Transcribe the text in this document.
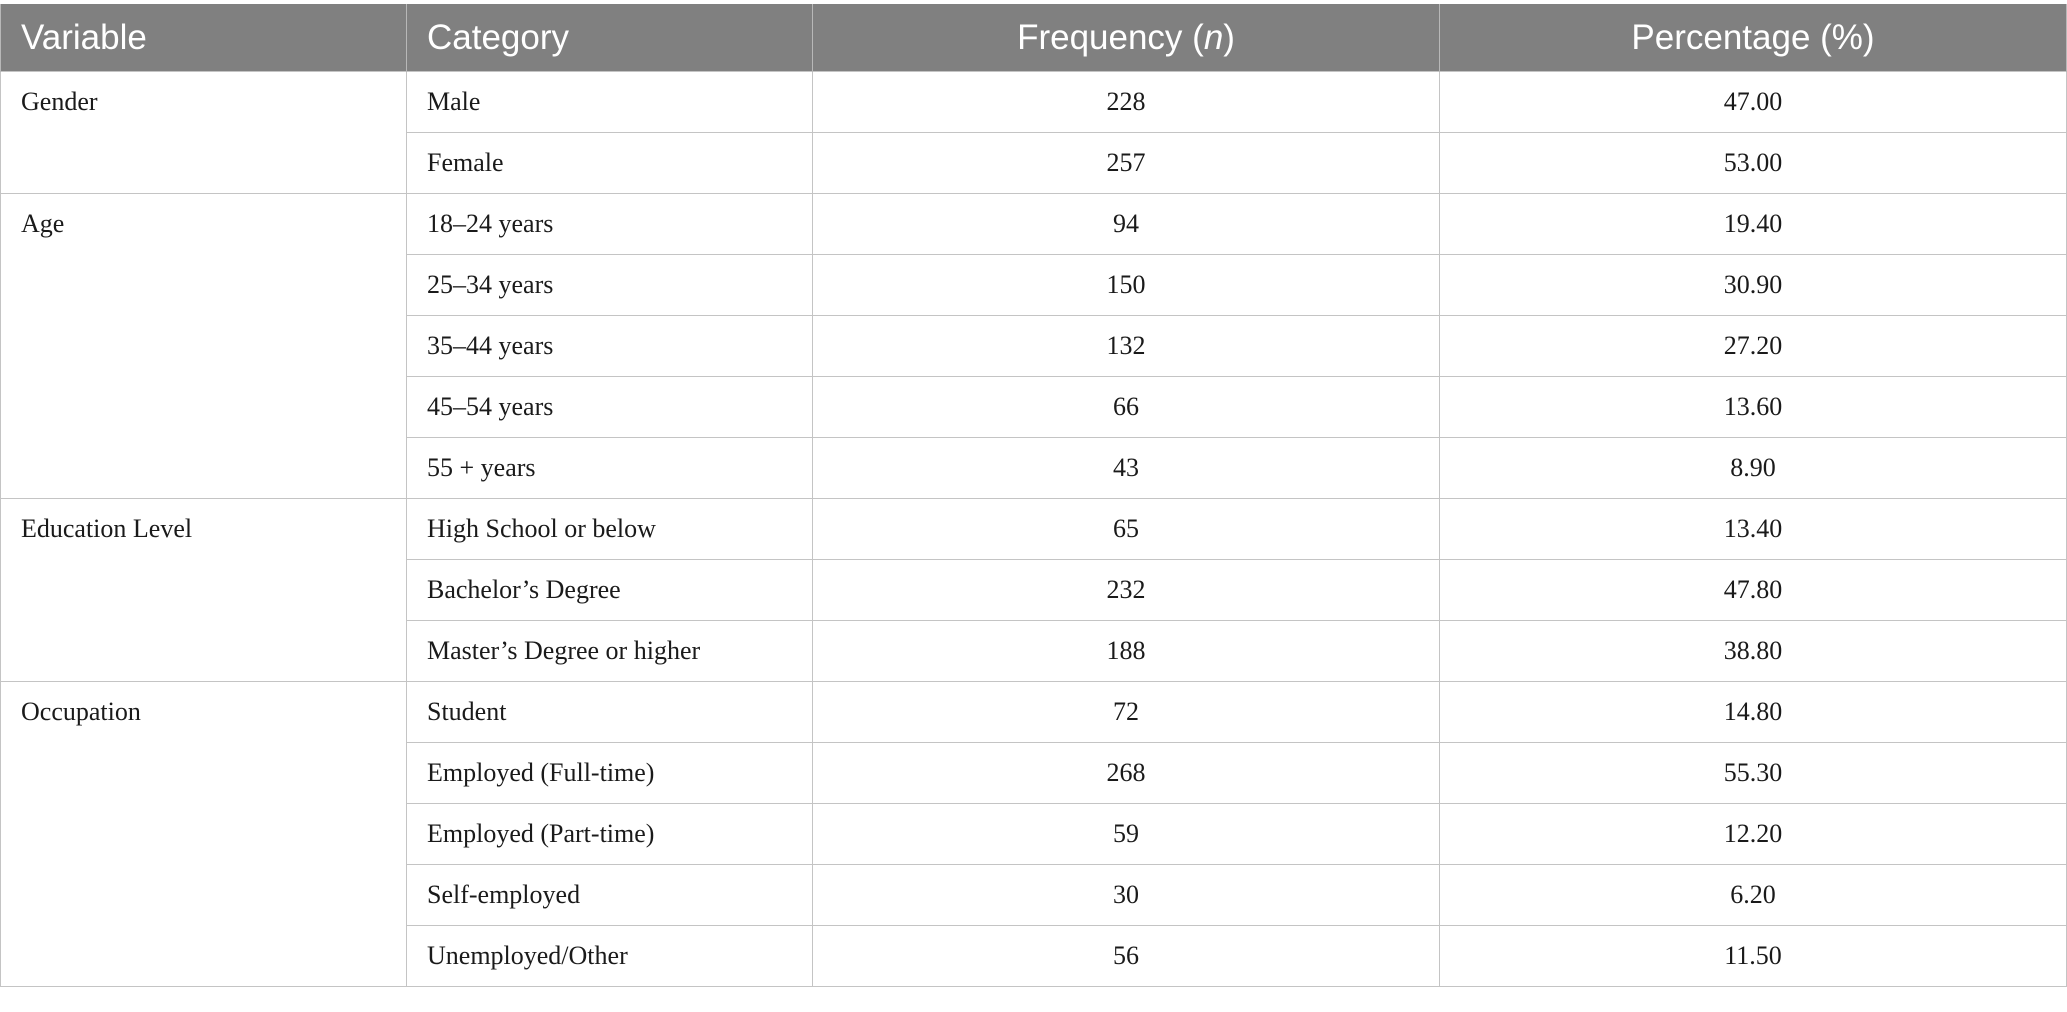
Variable	Category	Frequency (n)	Percentage (%)
Gender	Male	228	47.00
	Female	257	53.00
Age	18–24 years	94	19.40
	25–34 years	150	30.90
	35–44 years	132	27.20
	45–54 years	66	13.60
	55 + years	43	8.90
Education Level	High School or below	65	13.40
	Bachelor’s Degree	232	47.80
	Master’s Degree or higher	188	38.80
Occupation	Student	72	14.80
	Employed (Full-time)	268	55.30
	Employed (Part-time)	59	12.20
	Self-employed	30	6.20
	Unemployed/Other	56	11.50
